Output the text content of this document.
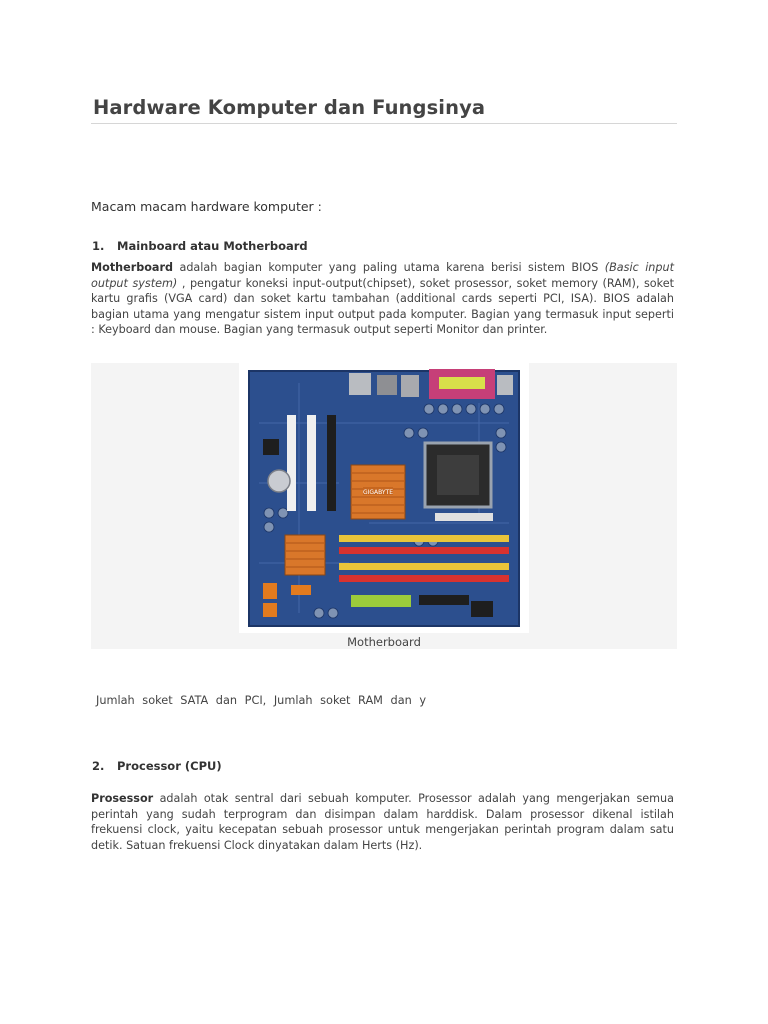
Hardware Komputer dan Fungsinya
Macam macam hardware komputer :
1. Mainboard atau Motherboard

Motherboard adalah bagian komputer yang paling utama karena berisi sistem BIOS (Basic input output system) , pengatur koneksi input-output(chipset), soket prosessor, soket memory (RAM), soket kartu grafis (VGA card) dan soket kartu tambahan (additional cards seperti PCI, ISA). BIOS adalah bagian utama yang mengatur sistem input output pada komputer. Bagian yang termasuk input seperti : Keyboard dan mouse. Bagian yang termasuk output seperti Monitor dan printer.

GIGABYTE
Motherboard
Jumlah soket SATA dan PCI, Jumlah soket RAM dan y
2. Processor (CPU)

Prosessor adalah otak sentral dari sebuah komputer. Prosessor adalah yang mengerjakan semua perintah yang sudah terprogram dan disimpan dalam harddisk. Dalam prosessor dikenal istilah frekuensi clock, yaitu kecepatan sebuah prosessor untuk mengerjakan perintah program dalam satu detik. Satuan frekuensi Clock dinyatakan dalam Herts (Hz).
